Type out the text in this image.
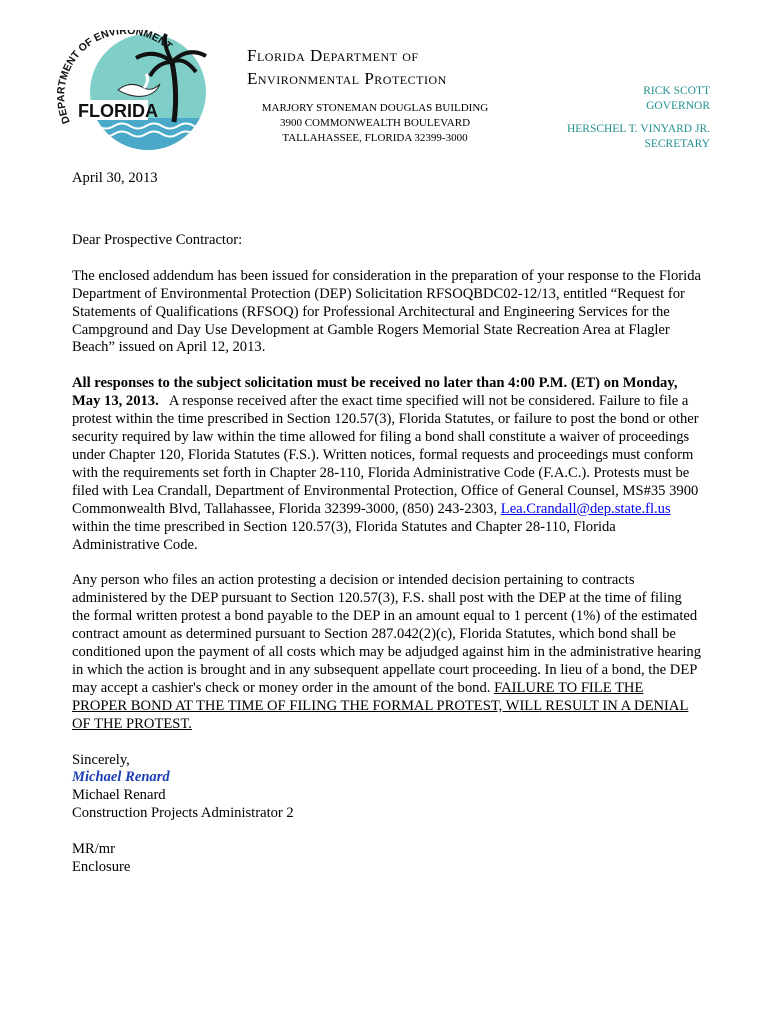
DEPARTMENT OF ENVIRONMENT
FLORIDA
Florida Department of
Environmental Protection
MARJORY STONEMAN DOUGLAS BUILDING
3900 COMMONWEALTH BOULEVARD
TALLAHASSEE, FLORIDA 32399-3000
RICK SCOTT
GOVERNOR
HERSCHEL T. VINYARD JR.
SECRETARY

April 30, 2013

Dear Prospective Contractor:

The enclosed addendum has been issued for consideration in the preparation of your response to the Florida Department of Environmental Protection (DEP) Solicitation RFSOQBDC02-12/13, entitled “Request for Statements of Qualifications (RFSOQ) for Professional Architectural and Engineering Services for the Campground and Day Use Development at Gamble Rogers Memorial State Recreation Area at Flagler Beach” issued on April 12, 2013.

All responses to the subject solicitation must be received no later than 4:00 P.M. (ET) on Monday, May 13, 2013. A response received after the exact time specified will not be considered. Failure to file a protest within the time prescribed in Section 120.57(3), Florida Statutes, or failure to post the bond or other security required by law within the time allowed for filing a bond shall constitute a waiver of proceedings under Chapter 120, Florida Statutes (F.S.). Written notices, formal requests and proceedings must conform with the requirements set forth in Chapter 28-110, Florida Administrative Code (F.A.C.). Protests must be filed with Lea Crandall, Department of Environmental Protection, Office of General Counsel, MS#35 3900 Commonwealth Blvd, Tallahassee, Florida 32399-3000, (850) 243-2303, Lea.Crandall@dep.state.fl.us within the time prescribed in Section 120.57(3), Florida Statutes and Chapter 28-110, Florida Administrative Code.

Any person who files an action protesting a decision or intended decision pertaining to contracts administered by the DEP pursuant to Section 120.57(3), F.S. shall post with the DEP at the time of filing the formal written protest a bond payable to the DEP in an amount equal to 1 percent (1%) of the estimated contract amount as determined pursuant to Section 287.042(2)(c), Florida Statutes, which bond shall be conditioned upon the payment of all costs which may be adjudged against him in the administrative hearing in which the action is brought and in any subsequent appellate court proceeding. In lieu of a bond, the DEP may accept a cashier's check or money order in the amount of the bond. FAILURE TO FILE THE PROPER BOND AT THE TIME OF FILING THE FORMAL PROTEST, WILL RESULT IN A DENIAL OF THE PROTEST.

Sincerely,
Michael Renard
Michael Renard
Construction Projects Administrator 2
MR/mr
Enclosure
